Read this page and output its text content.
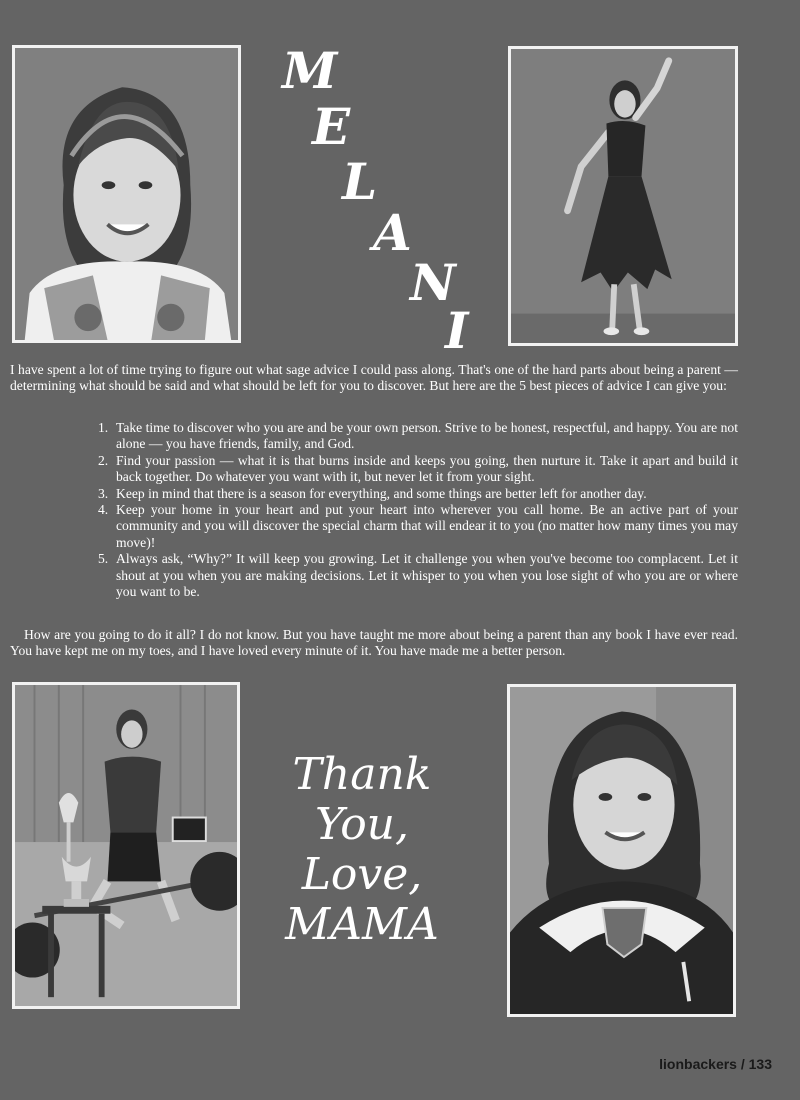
M
E
L
A
N
I
I have spent a lot of time trying to figure out what sage advice I could pass along. That's one of the hard parts about being a parent — determining what should be said and what should be left for you to discover. But here are the 5 best pieces of advice I can give you:
1. Take time to discover who you are and be your own person. Strive to be honest, respectful, and happy. You are not alone — you have friends, family, and God.
2. Find your passion — what it is that burns inside and keeps you going, then nurture it. Take it apart and build it back together. Do whatever you want with it, but never let it from your sight.
3. Keep in mind that there is a season for everything, and some things are better left for another day.
4. Keep your home in your heart and put your heart into wherever you call home. Be an active part of your community and you will discover the special charm that will endear it to you (no matter how many times you may move)!
5. Always ask, “Why?” It will keep you growing. Let it challenge you when you've become too complacent. Let it shout at you when you are making decisions. Let it whisper to you when you lose sight of who you are or where you want to be.
How are you going to do it all? I do not know. But you have taught me more about being a parent than any book I have ever read. You have kept me on my toes, and I have loved every minute of it. You have made me a better person.
Thank
You,
Love,
MAMA
lionbackers / 133
